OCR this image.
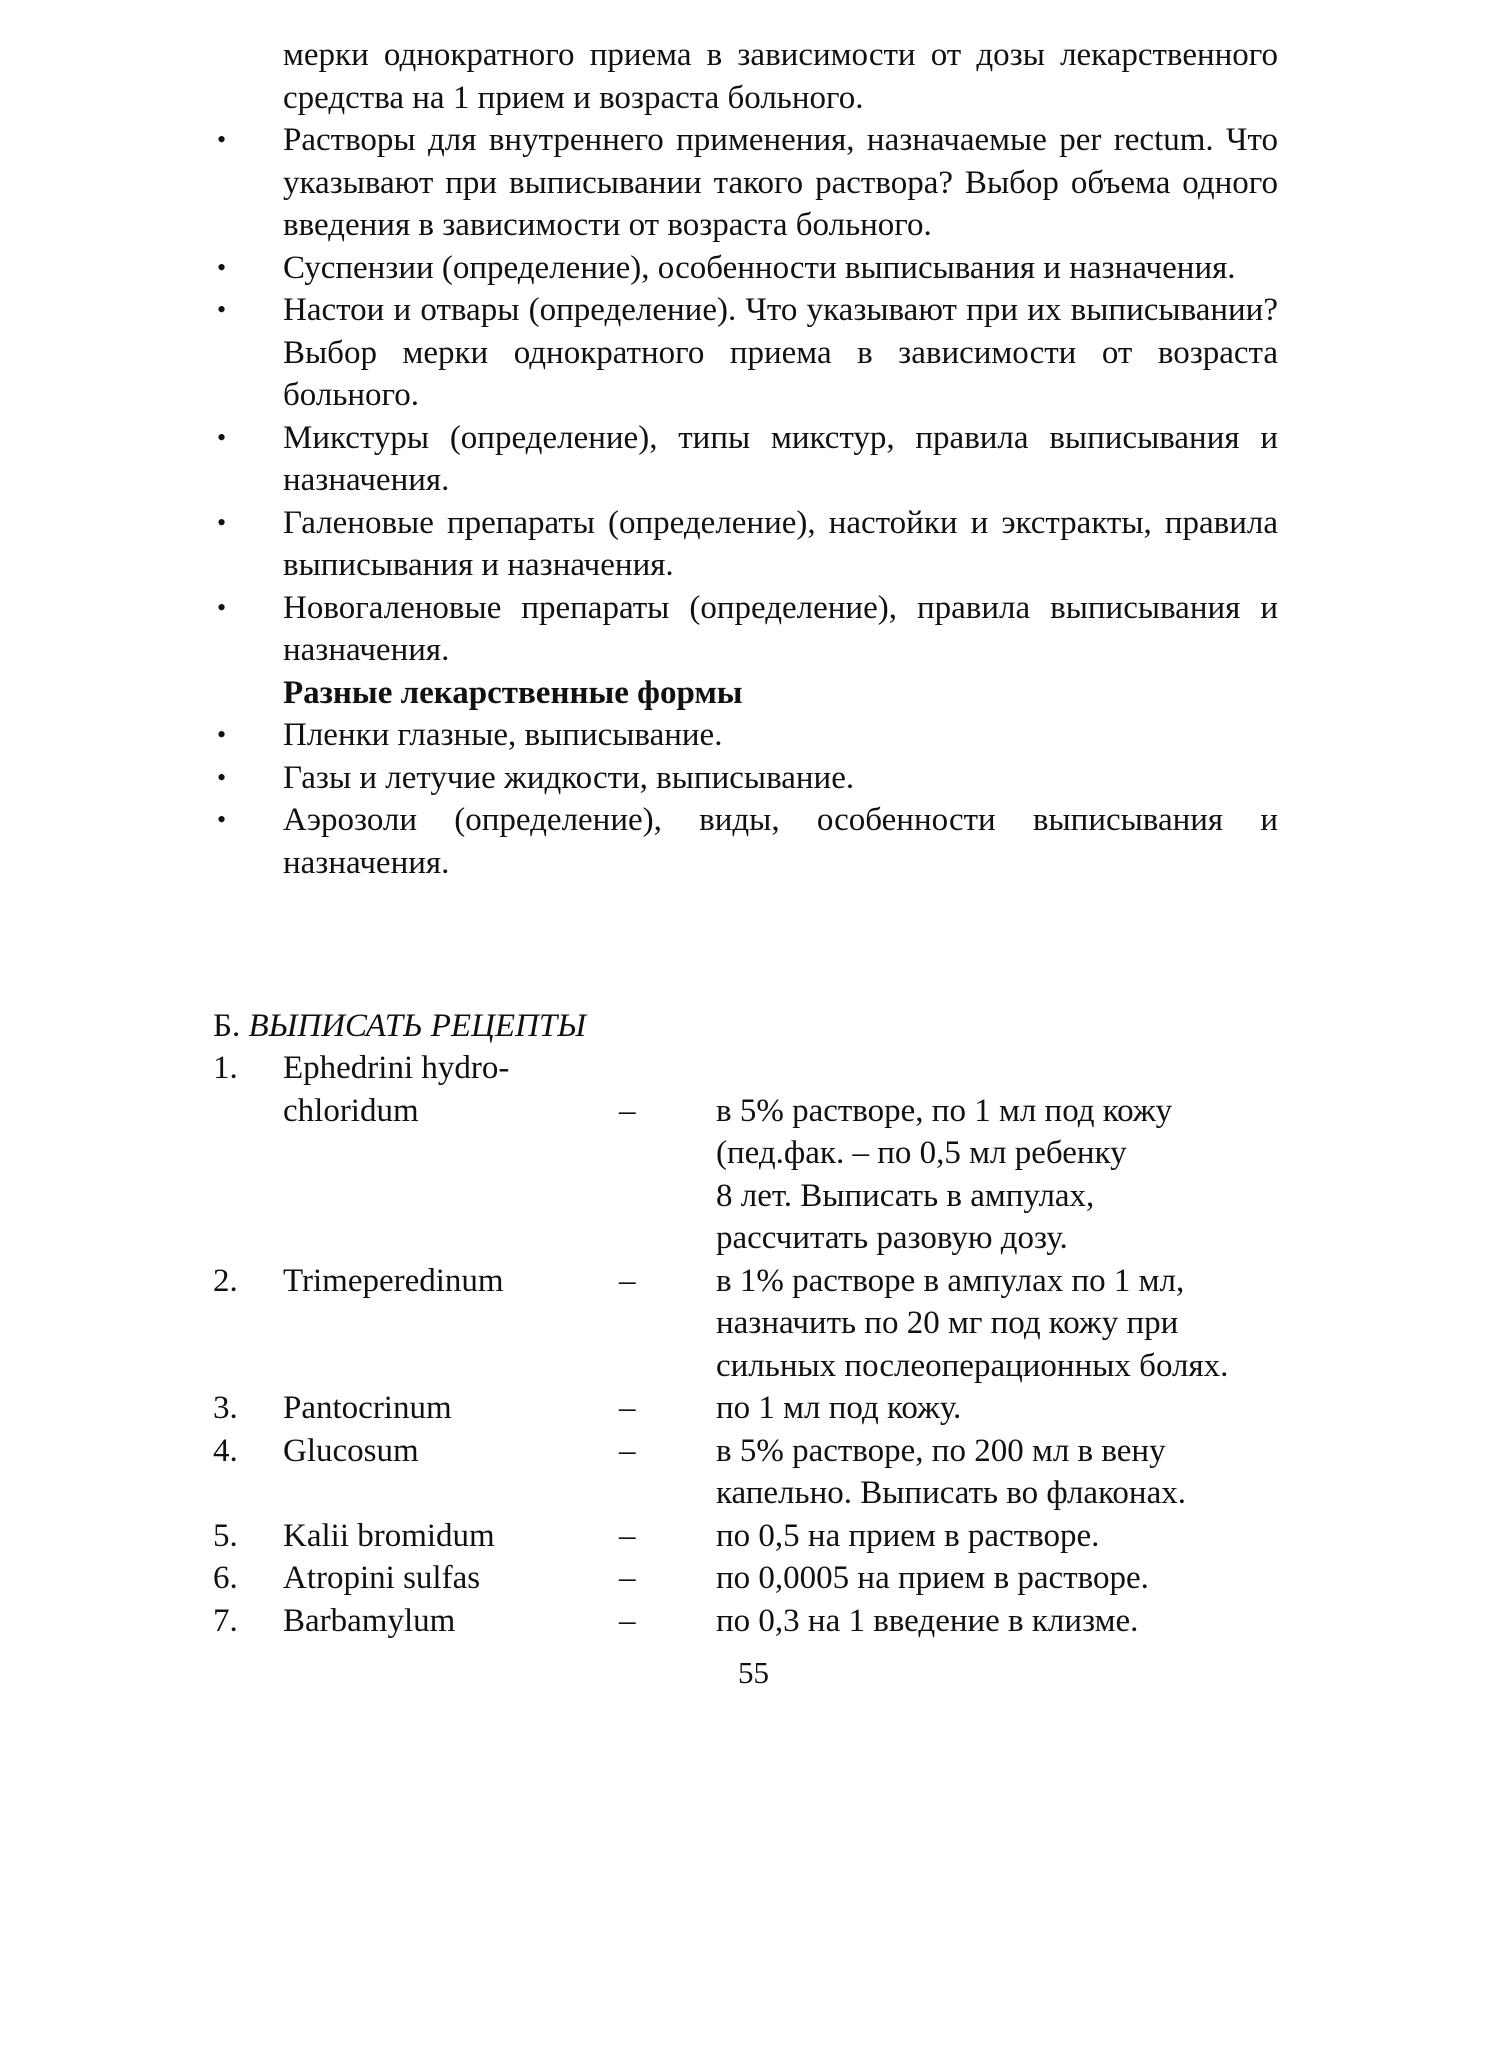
мерки однократного приема в зависимости от дозы лекарственного средства на 1 прием и возраста больного.
• Растворы для внутреннего применения, назначаемые per rectum. Что указывают при выписывании такого раствора? Выбор объема одного введения в зависимости от возраста больного.
• Суспензии (определение), особенности выписывания и назначения.
• Настои и отвары (определение). Что указывают при их выписывании? Выбор мерки однократного приема в зависимости от возраста больного.
• Микстуры (определение), типы микстур, правила выписывания и назначения.
• Галеновые препараты (определение), настойки и экстракты, правила выписывания и назначения.
• Новогаленовые препараты (определение), правила выписывания и назначения.
Разные лекарственные формы
• Пленки глазные, выписывание.
• Газы и летучие жидкости, выписывание.
• Аэрозоли (определение), виды, особенности выписывания и назначения.
Б. ВЫПИСАТЬ РЕЦЕПТЫ
1.	Ephedrini hydro-
chloridum	–	в 5% растворе, по 1 мл под кожу
(пед.фак. – по 0,5 мл ребенку
8 лет. Выписать в ампулах,
рассчитать разовую дозу.
2.	Trimeperedinum	–	в 1% растворе в ампулах по 1 мл,
назначить по 20 мг под кожу при
сильных послеоперационных болях.
3.	Pantocrinum	–	по 1 мл под кожу.
4.	Glucosum	–	в 5% растворе, по 200 мл в вену
капельно. Выписать во флаконах.
5.	Kalii bromidum	–	по 0,5 на прием в растворе.
6.	Atropini sulfas	–	по 0,0005 на прием в растворе.
7.	Barbamylum	–	по 0,3 на 1 введение в клизме.
55
